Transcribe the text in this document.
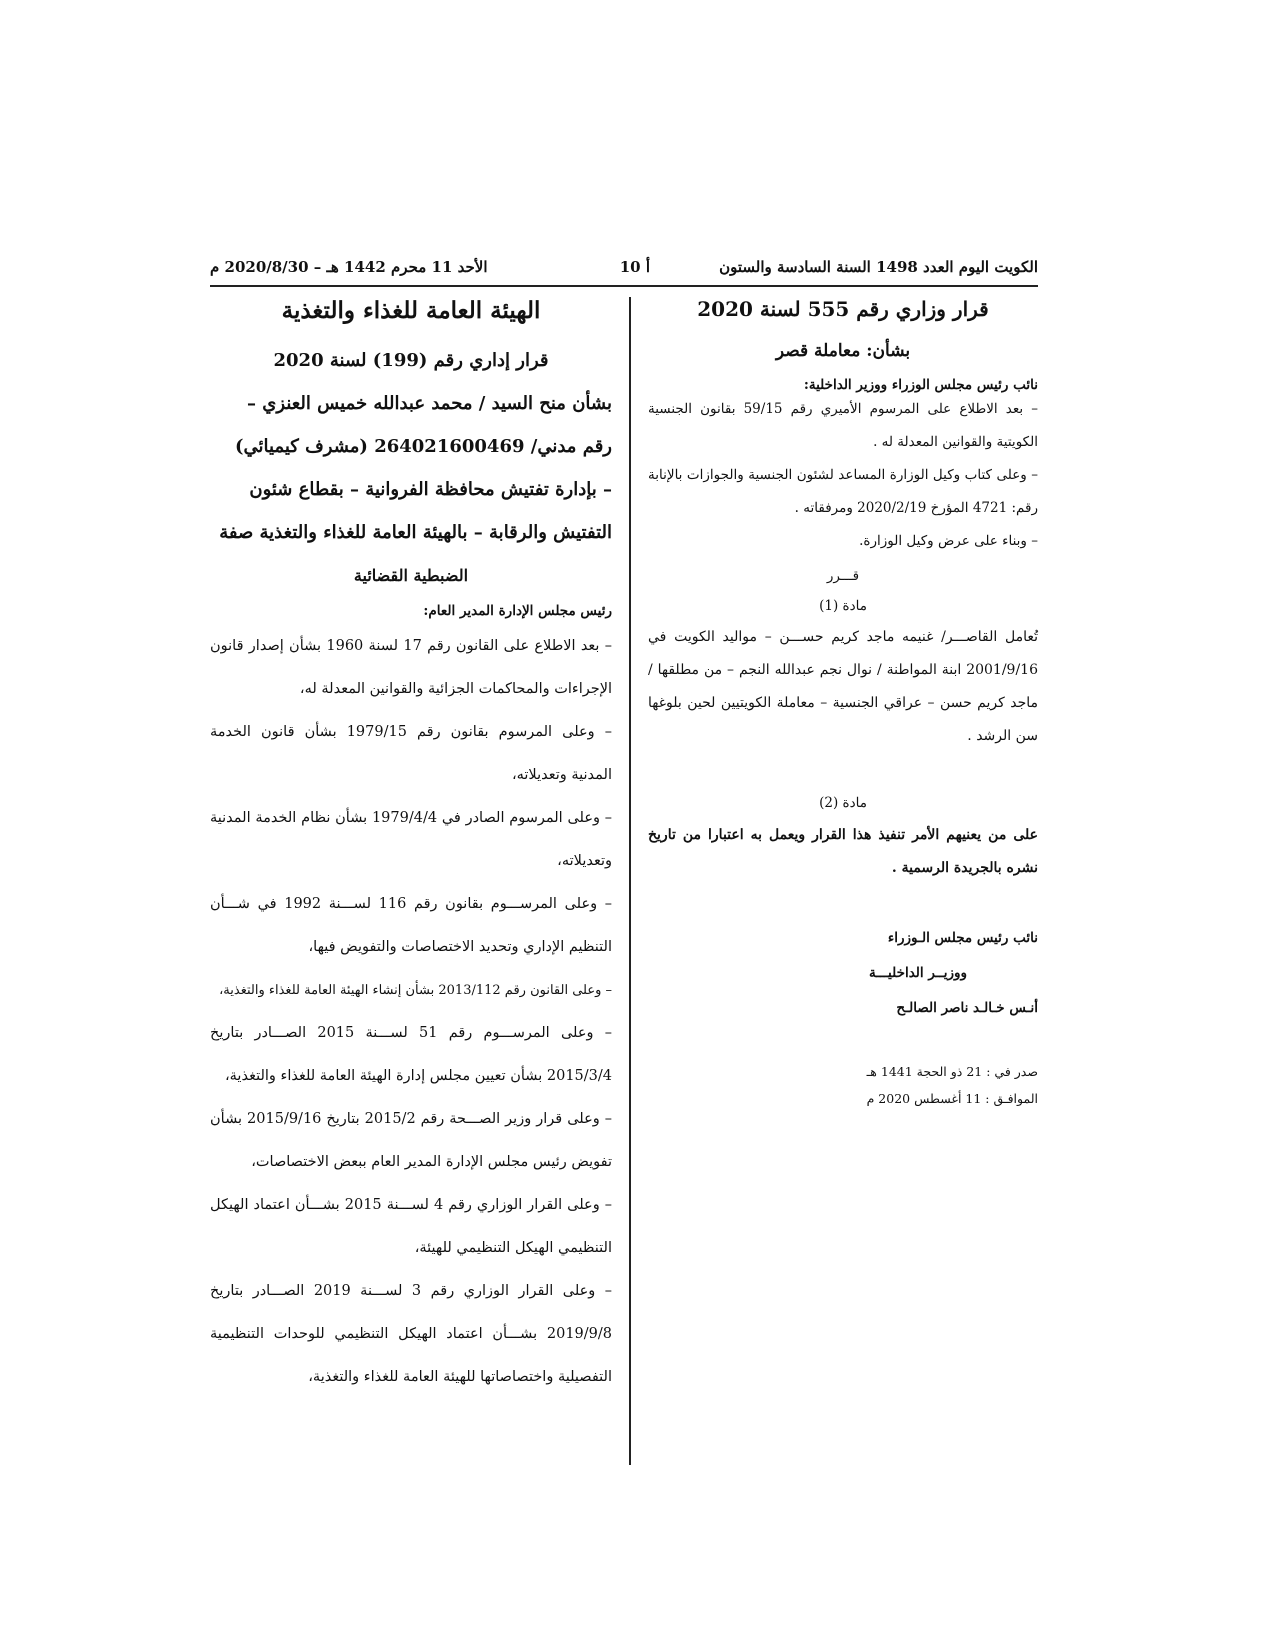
الكويت اليوم العدد 1498 السنة السادسة والستون
أ 10
الأحد 11 محرم 1442 هـ – 2020/8/30 م
قرار وزاري رقم 555 لسنة 2020
بشأن: معاملة قصر
نائب رئيس مجلس الوزراء ووزير الداخلية:
– بعد الاطلاع على المرسوم الأميري رقم 59/15 بقانون الجنسية الكويتية والقوانين المعدلة له .
– وعلى كتاب وكيل الوزارة المساعد لشئون الجنسية والجوازات بالإنابة رقم: 4721 المؤرخ 2020/2/19 ومرفقاته .
– وبناء على عرض وكيل الوزارة.
قـــرر
مادة (1)
تُعامل القاصـــر/ غنيمه ماجد كريم حســـن – مواليد الكويت في 2001/9/16 ابنة المواطنة / نوال نجم عبدالله النجم – من مطلقها / ماجد كريم حسن – عراقي الجنسية – معاملة الكويتيين لحين بلوغها سن الرشد .
مادة (2)
على من يعنيهم الأمر تنفيذ هذا القرار ويعمل به اعتبارا من تاريخ نشره بالجريدة الرسمية .
نائب رئيس مجلس الـوزراء
ووزيــر الداخليـــة
أنـس خـالـد ناصر الصالـح
صدر في : 21 ذو الحجة 1441 هـ
الموافـق : 11 أغسطس 2020 م
الهيئة العامة للغذاء والتغذية
قرار إداري رقم (199) لسنة 2020
بشأن منح السيد / محمد عبدالله خميس العنزي –
رقم مدني/ 264021600469 (مشرف كيميائي)
– بإدارة تفتيش محافظة الفروانية – بقطاع شئون
التفتيش والرقابة – بالهيئة العامة للغذاء والتغذية صفة
الضبطية القضائية
رئيس مجلس الإدارة المدير العام:
– بعد الاطلاع على القانون رقم 17 لسنة 1960 بشأن إصدار قانون الإجراءات والمحاكمات الجزائية والقوانين المعدلة له،
– وعلى المرسوم بقانون رقم 1979/15 بشأن قانون الخدمة المدنية وتعديلاته،
– وعلى المرسوم الصادر في 1979/4/4 بشأن نظام الخدمة المدنية وتعديلاته،
– وعلى المرســـوم بقانون رقم 116 لســـنة 1992 في شـــأن التنظيم الإداري وتحديد الاختصاصات والتفويض فيها،
– وعلى القانون رقم 2013/112 بشأن إنشاء الهيئة العامة للغذاء والتغذية،
– وعلى المرســـوم رقم 51 لســـنة 2015 الصـــادر بتاريخ 2015/3/4 بشأن تعيين مجلس إدارة الهيئة العامة للغذاء والتغذية،
– وعلى قرار وزير الصـــحة رقم 2015/2 بتاريخ 2015/9/16 بشأن تفويض رئيس مجلس الإدارة المدير العام ببعض الاختصاصات،
– وعلى القرار الوزاري رقم 4 لســـنة 2015 بشـــأن اعتماد الهيكل التنظيمي الهيكل التنظيمي للهيئة،
– وعلى القرار الوزاري رقم 3 لســـنة 2019 الصـــادر بتاريخ 2019/9/8 بشـــأن اعتماد الهيكل التنظيمي للوحدات التنظيمية التفصيلية واختصاصاتها للهيئة العامة للغذاء والتغذية،
